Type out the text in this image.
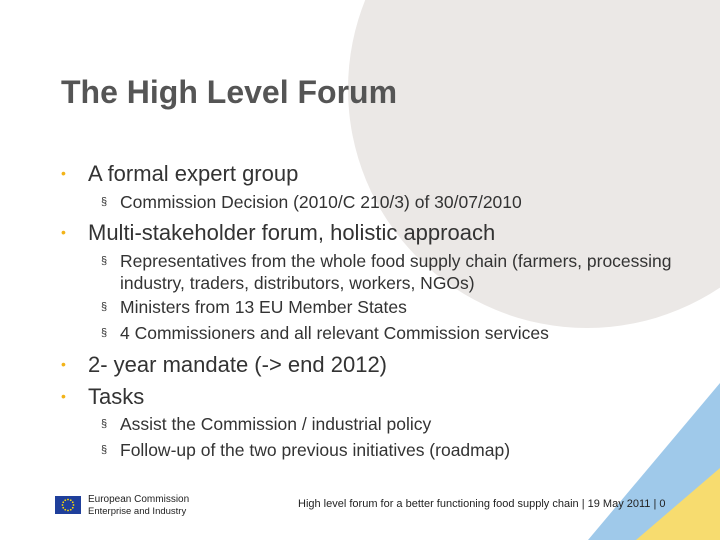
The High Level Forum
• A formal expert group
§ Commission Decision (2010/C 210/3) of 30/07/2010
• Multi-stakeholder forum, holistic approach
§ Representatives from the whole food supply chain (farmers, processing industry, traders, distributors, workers, NGOs)
§ Ministers from 13 EU Member States
§ 4 Commissioners and all relevant Commission services
• 2- year mandate (-> end 2012)
• Tasks
§ Assist the Commission / industrial policy
§ Follow-up of the two previous initiatives (roadmap)
European Commission
Enterprise and Industry
High level forum for a better functioning food supply chain | 19 May 2011 | 0
